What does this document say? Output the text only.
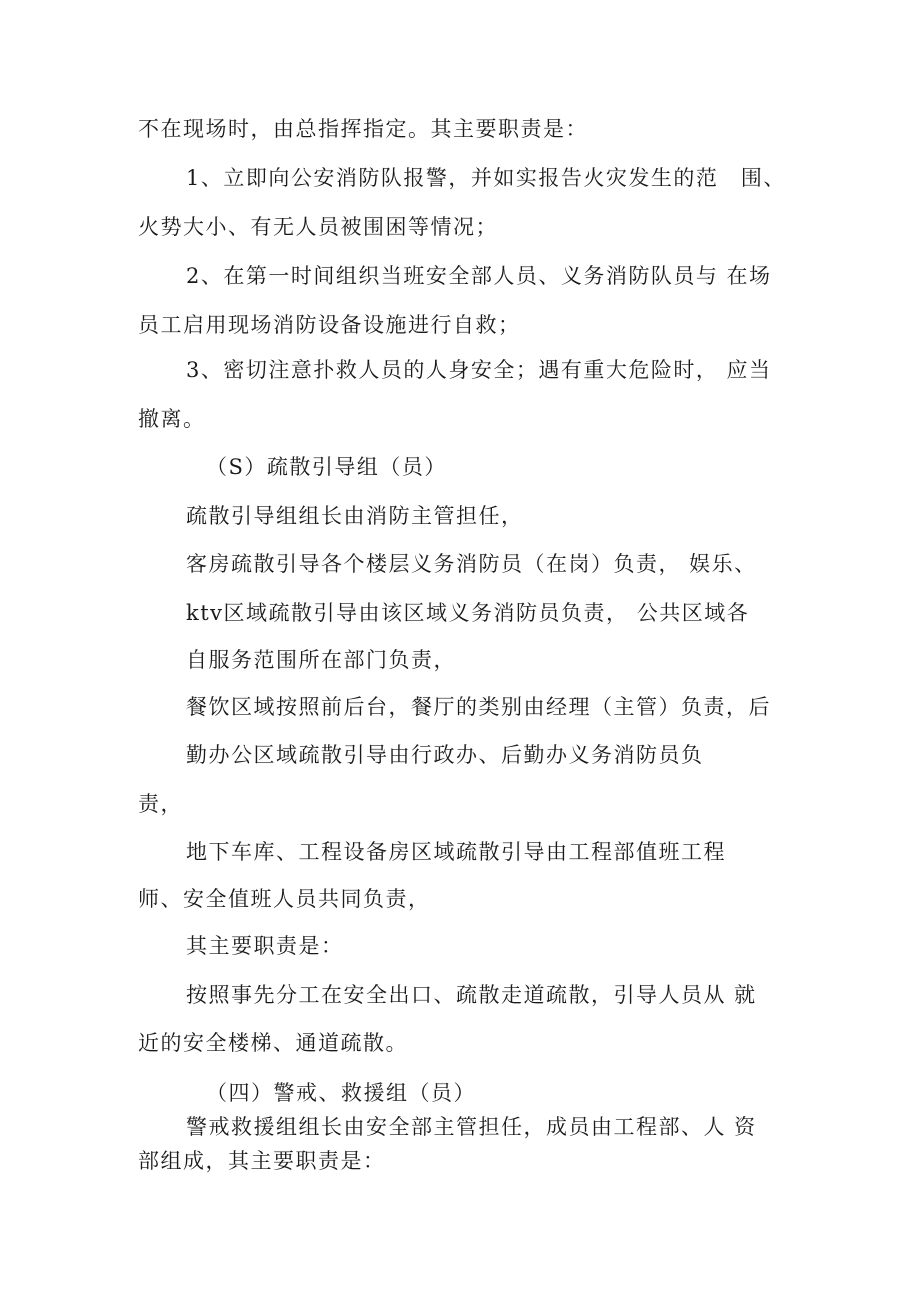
不在现场时，由总指挥指定。其主要职责是：

1、立即向公安消防队报警，并如实报告火灾发生的范　围、

火势大小、有无人员被围困等情况；

2、在第一时间组织当班安全部人员、义务消防队员与 在场

员工启用现场消防设备设施进行自救；

3、密切注意扑救人员的人身安全；遇有重大危险时， 应当

撤离。

（S）疏散引导组（员）

疏散引导组组长由消防主管担任，

客房疏散引导各个楼层义务消防员（在岗）负责， 娱乐、

ktv区域疏散引导由该区域义务消防员负责， 公共区域各

自服务范围所在部门负责，

餐饮区域按照前后台，餐厅的类别由经理（主管）负责，后

勤办公区域疏散引导由行政办、后勤办义务消防员负

责，

地下车库、工程设备房区域疏散引导由工程部值班工程

师、安全值班人员共同负责，

其主要职责是：

按照事先分工在安全出口、疏散走道疏散，引导人员从 就

近的安全楼梯、通道疏散。

（四）警戒、救援组（员）

警戒救援组组长由安全部主管担任，成员由工程部、人 资

部组成，其主要职责是：
